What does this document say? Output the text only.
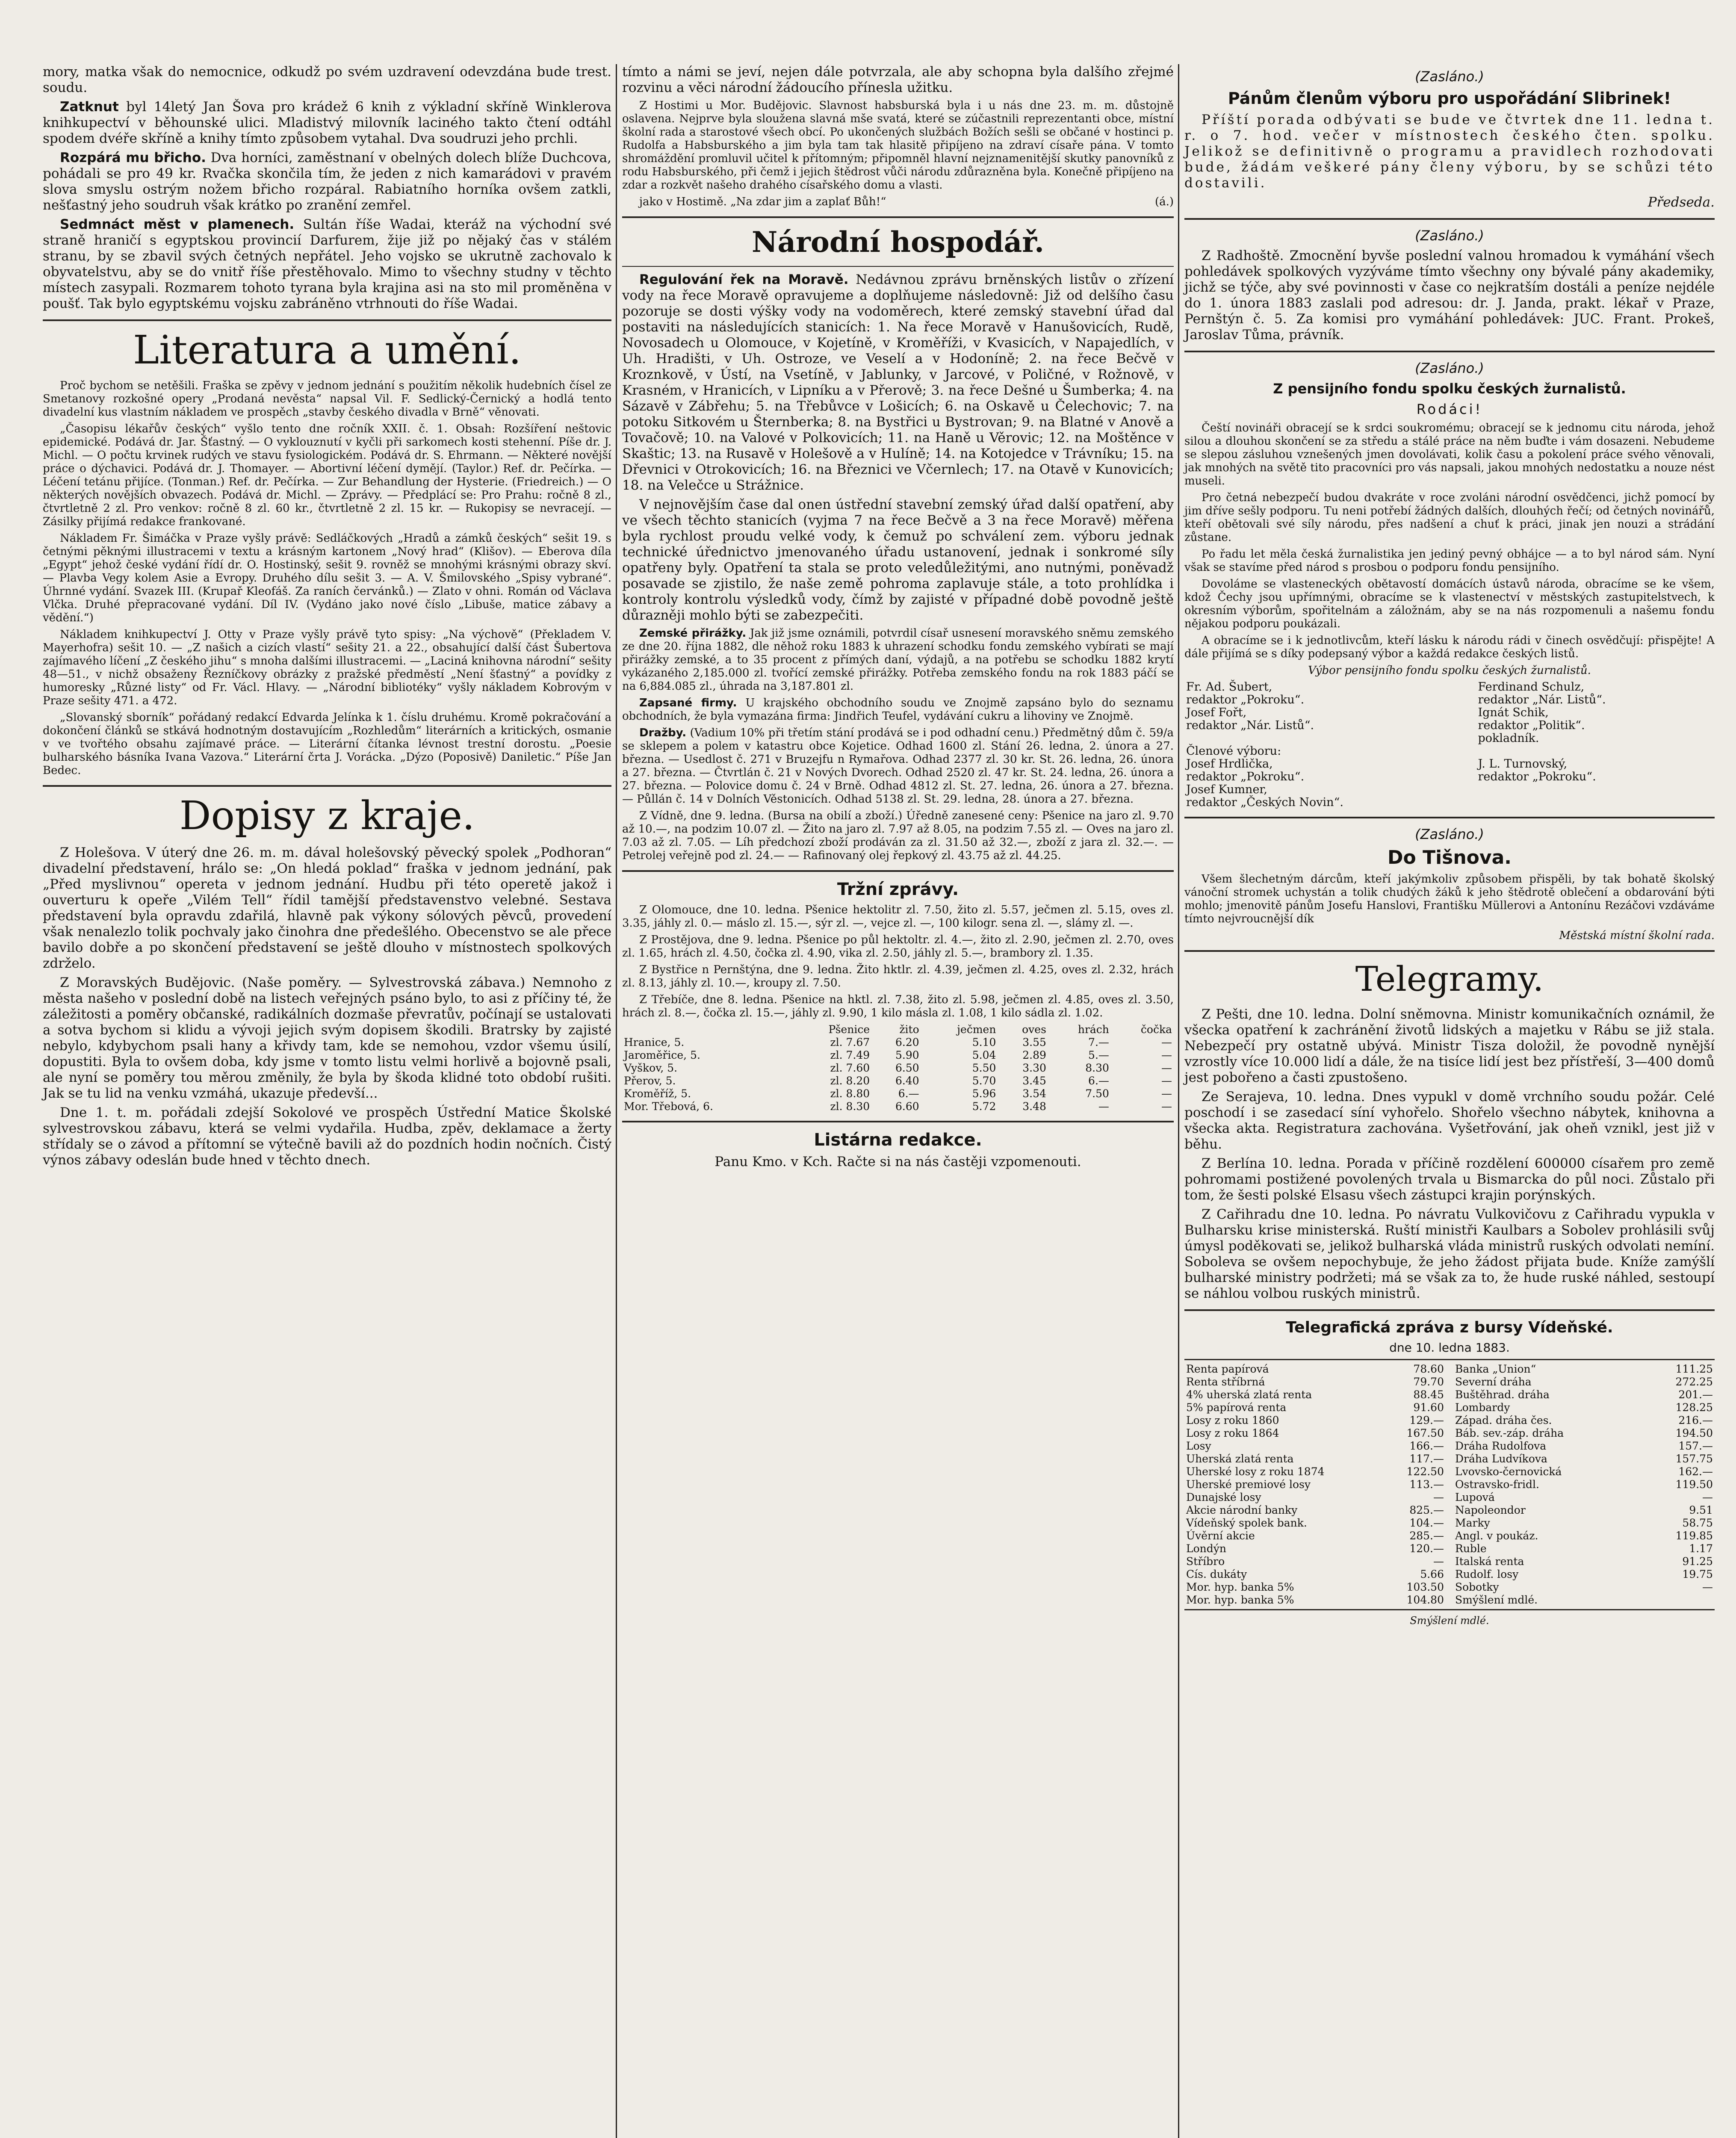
mory, matka však do nemocnice, odkudž po svém uzdravení odevzdána bude trest. soudu.

Zatknut byl 14letý Jan Šova pro krádež 6 knih z výkladní skříně Winklerova knihkupectví v běhounské ulici. Mladistvý milovník laciného takto čtení odtáhl spodem dvéře skříně a knihy tímto způsobem vytahal. Dva soudruzi jeho prchli.

Rozpárá mu břicho. Dva horníci, zaměstnaní v obelných dolech blíže Duchcova, pohádali se pro 49 kr. Rvačka skončila tím, že jeden z nich kamarádovi v pravém slova smyslu ostrým nožem břicho rozpáral. Rabiatního horníka ovšem zatkli, nešťastný jeho soudruh však krátko po zranění zemřel.

Sedmnáct měst v plamenech. Sultán říše Wadai, kteráž na východní své straně hraničí s egyptskou provincií Darfurem, žije již po nějaký čas v stálém stranu, by se zbavil svých četných nepřátel. Jeho vojsko se ukrutně zachovalo k obyvatelstvu, aby se do vnitř říše přestěhovalo. Mimo to všechny studny v těchto místech zasypali. Rozmarem tohoto tyrana byla krajina asi na sto mil proměněna v poušť. Tak bylo egyptskému vojsku zabráněno vtrhnouti do říše Wadai.

Literatura a umění.

Proč bychom se netěšili. Fraška se zpěvy v jednom jednání s použitím několik hudebních čísel ze Smetanovy rozkošné opery „Prodaná nevěsta“ napsal Vil. F. Sedlický-Černický a hodlá tento divadelní kus vlastním nákladem ve prospěch „stavby českého divadla v Brně“ věnovati.

„Časopisu lékařův českých“ vyšlo tento dne ročník XXII. č. 1. Obsah: Rozšíření neštovic epidemické. Podává dr. Jar. Šťastný. — O vyklouznutí v kyčli při sarkomech kosti stehenní. Píše dr. J. Michl. — O počtu krvinek rudých ve stavu fysiologickém. Podává dr. S. Ehrmann. — Některé novější práce o dýchavici. Podává dr. J. Thomayer. — Abortivní léčení dymějí. (Taylor.) Ref. dr. Pečírka. — Léčení tetánu přijíce. (Tonman.) Ref. dr. Pečírka. — Zur Behandlung der Hysterie. (Friedreich.) — O některých novějších obvazech. Podává dr. Michl. — Zprávy. — Předplácí se: Pro Prahu: ročně 8 zl., čtvrtletně 2 zl. Pro venkov: ročně 8 zl. 60 kr., čtvrtletně 2 zl. 15 kr. — Rukopisy se nevracejí. — Zásilky přijímá redakce frankované.

Nákladem Fr. Šimáčka v Praze vyšly právě: Sedláčkových „Hradů a zámků českých“ sešit 19. s četnými pěknými illustracemi v textu a krásným kartonem „Nový hrad“ (Klišov). — Eberova díla „Egypt“ jehož české vydání řídí dr. O. Hostinský, sešit 9. rovněž se mnohými krásnými obrazy skví. — Plavba Vegy kolem Asie a Evropy. Druhého dílu sešit 3. — A. V. Šmilovského „Spisy vybrané“. Úhrnné vydání. Svazek III. (Krupař Kleofáš. Za raních červánků.) — Zlato v ohni. Román od Václava Vlčka. Druhé přepracované vydání. Díl IV. (Vydáno jako nové číslo „Libuše, matice zábavy a vědění.“)

Nákladem knihkupectví J. Otty v Praze vyšly právě tyto spisy: „Na výchově“ (Překladem V. Mayerhofra) sešit 10. — „Z našich a cizích vlastí“ sešity 21. a 22., obsahující další část Šubertova zajímavého líčení „Z českého jihu“ s mnoha dalšími illustracemi. — „Laciná knihovna národní“ sešity 48—51., v nichž obsaženy Řezníčkovy obrázky z pražské předměstí „Není šťastný“ a povídky z humoresky „Různé listy“ od Fr. Václ. Hlavy. — „Národní bibliotéky“ vyšly nákladem Kobrovým v Praze sešity 471. a 472.

„Slovanský sborník“ pořádaný redakcí Edvarda Jelínka k 1. číslu druhému. Kromě pokračování a dokončení článků se stkává hodnotným dostavujícím „Rozhledům“ literárních a kritických, osmanie v ve tvořtého obsahu zajímavé práce. — Literární čítanka lévnost trestní dorostu. „Poesie bulharského básníka Ivana Vazova.“ Literární črta J. Vorácka. „Dýzo (Poposivě) Daniletic.“ Píše Jan Bedec.

Dopisy z kraje.

Z Holešova. V úterý dne 26. m. m. dával holešovský pěvecký spolek „Podhoran“ divadelní představení, hrálo se: „On hledá poklad“ fraška v jednom jednání, pak „Před myslivnou“ opereta v jednom jednání. Hudbu při této operetě jakož i ouverturu k opeře „Vilém Tell“ řídil tamější představenstvo velebné. Sestava představení byla opravdu zdařilá, hlavně pak výkony sólových pěvců, provedení však nenalezlo tolik pochvaly jako činohra dne předešlého. Obecenstvo se ale přece bavilo dobře a po skončení představení se ještě dlouho v místnostech spolkových zdrželo.

Z Moravských Budějovic. (Naše poměry. — Sylvestrovská zábava.) Nemnoho z města našeho v poslední době na listech veřejných psáno bylo, to asi z příčiny té, že záležitosti a poměry občanské, radikálních dozmaše převratův, počínají se ustalovati a sotva bychom si klidu a vývoji jejich svým dopisem škodili. Bratrsky by zajisté nebylo, kdybychom psali hany a křivdy tam, kde se nemohou, vzdor všemu úsilí, dopustiti. Byla to ovšem doba, kdy jsme v tomto listu velmi horlivě a bojovně psali, ale nyní se poměry tou měrou změnily, že byla by škoda klidné toto období rušiti. Jak se tu lid na venku vzmáhá, ukazuje předevší...

Dne 1. t. m. pořádali zdejší Sokolové ve prospěch Ústřední Matice Školské sylvestrovskou zábavu, která se velmi vydařila. Hudba, zpěv, deklamace a žerty střídaly se o závod a přítomní se výtečně bavili až do pozdních hodin nočních. Čistý výnos zábavy odeslán bude hned v těchto dnech.

tímto a námi se jeví, nejen dále potvrzala, ale aby schopna byla dalšího zřejmé rozvinu a věci národní žádoucího přínesla užitku.

Z Hostimi u Mor. Budějovic. Slavnost habsburská byla i u nás dne 23. m. m. důstojně oslavena. Nejprve byla sloužena slavná mše svatá, které se zúčastnili reprezentanti obce, místní školní rada a starostové všech obcí. Po ukončených službách Božích sešli se občané v hostinci p. Rudolfa a Habsburského a jim byla tam tak hlasitě připíjeno na zdraví císaře pána. V tomto shromáždění promluvil učitel k přítomným; připomněl hlavní nejznamenitější skutky panovníků z rodu Habsburského, při čemž i jejich štědrost vůči národu zdůrazněna byla. Konečně připíjeno na zdar a rozkvět našeho drahého císařského domu a vlasti.

jako v Hostimě. „Na zdar jim a zaplať Bůh!“	(á.)

Národní hospodář.

Regulování řek na Moravě. Nedávnou zprávu brněnských listův o zřízení vody na řece Moravě opravujeme a doplňujeme následovně: Již od delšího času pozoruje se dosti výšky vody na vodoměrech, které zemský stavební úřad dal postaviti na následujících stanicích: 1. Na řece Moravě v Hanušovicích, Rudě, Novosadech u Olomouce, v Kojetíně, v Kroměříži, v Kvasicích, v Napajedlích, v Uh. Hradišti, v Uh. Ostroze, ve Veselí a v Hodoníně; 2. na řece Bečvě v Kroznkově, v Ústí, na Vsetíně, v Jablunky, v Jarcové, v Poličné, v Rožnově, v Krasném, v Hranicích, v Lipníku a v Přerově; 3. na řece Dešné u Šumberka; 4. na Sázavě v Zábřehu; 5. na Třebůvce v Lošicích; 6. na Oskavě u Čelechovic; 7. na potoku Sitkovém u Šternberka; 8. na Bystřici u Bystrovan; 9. na Blatné v Anově a Tovačově; 10. na Valové v Polkovicích; 11. na Haně u Věrovic; 12. na Moštěnce v Skaštic; 13. na Rusavě v Holešově a v Hulíně; 14. na Kotojedce v Trávníku; 15. na Dřevnici v Otrokovicích; 16. na Březnici ve Včernlech; 17. na Otavě v Kunovicích; 18. na Velečce u Strážnice.

V nejnovějším čase dal onen ústřední stavební zemský úřad další opatření, aby ve všech těchto stanicích (vyjma 7 na řece Bečvě a 3 na řece Moravě) měřena byla rychlost proudu velké vody, k čemuž po schválení zem. výboru jednak technické úřednictvo jmenovaného úřadu ustanovení, jednak i sonkromé síly opatřeny byly. Opatření ta stala se proto veledůležitými, ano nutnými, poněvadž posavade se zjistilo, že naše země pohroma zaplavuje stále, a toto prohlídka i kontroly kontrolu výsledků vody, čímž by zajisté v případné době povodně ještě důrazněji mohlo býti se zabezpečiti.

Zemské přirážky. Jak již jsme oznámili, potvrdil císař usnesení moravského sněmu zemského ze dne 20. října 1882, dle něhož roku 1883 k uhrazení schodku fondu zemského vybírati se mají přirážky zemské, a to 35 procent z přímých daní, výdajů, a na potřebu se schodku 1882 krytí vykázaného 2,185.000 zl. tvořící zemské přirážky. Potřeba zemského fondu na rok 1883 páčí se na 6,884.085 zl., úhrada na 3,187.801 zl.

Zapsané firmy. U krajského obchodního soudu ve Znojmě zapsáno bylo do seznamu obchodních, že byla vymazána firma: Jindřich Teufel, vydávání cukru a lihoviny ve Znojmě.

Dražby. (Vadium 10% při třetím stání prodává se i pod odhadní cenu.) Předmětný dům č. 59/a se sklepem a polem v katastru obce Kojetice. Odhad 1600 zl. Stání 26. ledna, 2. února a 27. března. — Usedlost č. 271 v Bruzejfu n Rymařova. Odhad 2377 zl. 30 kr. St. 26. ledna, 26. února a 27. března. — Čtvrtlán č. 21 v Nových Dvorech. Odhad 2520 zl. 47 kr. St. 24. ledna, 26. února a 27. března. — Polovice domu č. 24 v Brně. Odhad 4812 zl. St. 27. ledna, 26. února a 27. března. — Půllán č. 14 v Dolních Věstonicích. Odhad 5138 zl. St. 29. ledna, 28. února a 27. března.

Z Vídně, dne 9. ledna. (Bursa na obilí a zboží.) Úředně zanesené ceny: Pšenice na jaro zl. 9.70 až 10.—, na podzim 10.07 zl. — Žito na jaro zl. 7.97 až 8.05, na podzim 7.55 zl. — Oves na jaro zl. 7.03 až zl. 7.05. — Líh předchozí zboží prodáván za zl. 31.50 až 32.—, zboží z jara zl. 32.—. — Petrolej veřejně pod zl. 24.— — Rafinovaný olej řepkový zl. 43.75 až zl. 44.25.

Tržní zprávy.

Z Olomouce, dne 10. ledna. Pšenice hektolitr zl. 7.50, žito zl. 5.57, ječmen zl. 5.15, oves zl. 3.35, jáhly zl. 0.— máslo zl. 15.—, sýr zl. —, vejce zl. —, 100 kilogr. sena zl. —, slámy zl. —.

Z Prostějova, dne 9. ledna. Pšenice po půl hektoltr. zl. 4.—, žito zl. 2.90, ječmen zl. 2.70, oves zl. 1.65, hrách zl. 4.50, čočka zl. 4.90, vika zl. 2.50, jáhly zl. 5.—, brambory zl. 1.35.

Z Bystřice n Pernštýna, dne 9. ledna. Žito hktlr. zl. 4.39, ječmen zl. 4.25, oves zl. 2.32, hrách zl. 8.13, jáhly zl. 10.—, kroupy zl. 7.50.

Z Třebíče, dne 8. ledna. Pšenice na hktl. zl. 7.38, žito zl. 5.98, ječmen zl. 4.85, oves zl. 3.50, hrách zl. 8.—, čočka zl. 15.—, jáhly zl. 9.90, 1 kilo másla zl. 1.08, 1 kilo sádla zl. 1.02.

	Pšenice	žito	ječmen	oves	hrách	čočka
Hranice, 5.	zl. 7.67	6.20	5.10	3.55	7.—	—
Jaroměřice, 5.	zl. 7.49	5.90	5.04	2.89	5.—	—
Vyškov, 5.	zl. 7.60	6.50	5.50	3.30	8.30	—
Přerov, 5.	zl. 8.20	6.40	5.70	3.45	6.—	—
Kroměříž, 5.	zl. 8.80	6.—	5.96	3.54	7.50	—
Mor. Třebová, 6.	zl. 8.30	6.60	5.72	3.48	—	—
Listárna redakce.

Panu Kmo. v Kch. Račte si na nás častěji vzpomenouti.

(Zasláno.)
Pánům členům výboru pro uspořádání Slibrinek!

Příští porada odbývati se bude ve čtvrtek dne 11. ledna t. r. o 7. hod. večer v místnostech českého čten. spolku. Jelikož se definitivně o programu a pravidlech rozhodovati bude, žádám veškeré pány členy výboru, by se schůzi této dostavili.

Předseda.

(Zasláno.)

Z Radhoště. Zmocnění byvše poslední valnou hromadou k vymáhání všech pohledávek spolkových vyzýváme tímto všechny ony bývalé pány akademiky, jichž se týče, aby své povinnosti v čase co nejkratším dostáli a peníze nejdéle do 1. února 1883 zaslali pod adresou: dr. J. Janda, prakt. lékař v Praze, Pernštýn č. 5. Za komisi pro vymáhání pohledávek: JUC. Frant. Prokeš, Jaroslav Tůma, právník.

(Zasláno.)
Z pensijního fondu spolku českých žurnalistů.
Rodáci!

Čeští novináři obracejí se k srdci soukromému; obracejí se k jednomu citu národa, jehož silou a dlouhou skončení se za středu a stálé práce na něm buďte i vám dosazeni. Nebudeme se slepou zásluhou vznešených jmen dovolávati, kolik času a pokolení práce svého věnovali, jak mnohých na světě tito pracovníci pro vás napsali, jakou mnohých nedostatku a nouze nést museli.

Pro četná nebezpečí budou dvakráte v roce zvoláni národní osvědčenci, jichž pomocí by jim dříve sešly podporu. Tu neni potřebí žádných dalších, dlouhých řečí; od četných novinářů, kteří obětovali své síly národu, přes nadšení a chuť k práci, jinak jen nouzi a strádání zůstane.

Po řadu let měla česká žurnalistika jen jediný pevný obhájce — a to byl národ sám. Nyní však se stavíme před národ s prosbou o podporu fondu pensijního.

Dovoláme se vlasteneckých obětavostí domácích ústavů národa, obracíme se ke všem, kdož Čechy jsou upřímnými, obracíme se k vlastenectví v městských zastupitelstvech, k okresním výborům, spořitelnám a záložnám, aby se na nás rozpomenuli a našemu fondu nějakou podporu poukázali.

A obracíme se i k jednotlivcům, kteří lásku k národu rádi v činech osvědčují: přispějte! A dále přijímá se s díky podepsaný výbor a každá redakce českých listů.

Výbor pensijního fondu spolku českých žurnalistů.

Fr. Ad. Šubert,	Ferdinand Schulz,
redaktor „Pokroku“.	redaktor „Nár. Listů“.
Josef Fořt,	Ignát Schik,
redaktor „Nár. Listů“.	redaktor „Politik“.
	pokladník.
Členové výboru:	
Josef Hrdlička,	J. L. Turnovský,
redaktor „Pokroku“.	redaktor „Pokroku“.
Josef Kumner,	
redaktor „Českých Novin“.	
(Zasláno.)
Do Tišnova.

Všem šlechetným dárcům, kteří jakýmkoliv způsobem přispěli, by tak bohatě školský vánoční stromek uchystán a tolik chudých žáků k jeho štědrotě oblečení a obdarování býti mohlo; jmenovitě pánům Josefu Hanslovi, Františku Müllerovi a Antonínu Rezáčovi vzdáváme tímto nejvroucnější dík

Městská místní školní rada.

Telegramy.

Z Pešti, dne 10. ledna. Dolní sněmovna. Ministr komunikačních oznámil, že všecka opatření k zachránění životů lidských a majetku v Rábu se již stala. Nebezpečí pry ostatně ubývá. Ministr Tisza doložil, že povodně nynější vzrostly více 10.000 lidí a dále, že na tisíce lidí jest bez přístřeší, 3—400 domů jest pobořeno a časti zpustošeno.

Ze Serajeva, 10. ledna. Dnes vypukl v domě vrchního soudu požár. Celé poschodí i se zasedací síní vyhořelo. Shořelo všechno nábytek, knihovna a všecka akta. Registratura zachována. Vyšetřování, jak oheň vznikl, jest již v běhu.

Z Berlína 10. ledna. Porada v příčině rozdělení 600000 císařem pro země pohromami postižené povolených trvala u Bismarcka do půl noci. Zůstalo při tom, že šesti polské Elsasu všech zástupci krajin porýnských.

Z Cařihradu dne 10. ledna. Po návratu Vulkovičovu z Cařihradu vypukla v Bulharsku krise ministerská. Ruští ministři Kaulbars a Sobolev prohlásili svůj úmysl poděkovati se, jelikož bulharská vláda ministrů ruských odvolati nemíní. Soboleva se ovšem nepochybuje, že jeho žádost přijata bude. Kníže zamýšlí bulharské ministry podržeti; má se však za to, že hude ruské náhled, sestoupí se náhlou volbou ruských ministrů.

Telegrafická zpráva z bursy Vídeňské.
dne 10. ledna 1883.
Renta papírová	78.60
Renta stříbrná	79.70
4% uherská zlatá renta	88.45
5% papírová renta	91.60
Losy z roku 1860	129.—
Losy z roku 1864	167.50
Losy	166.—
Uherská zlatá renta	117.—
Uherské losy z roku 1874	122.50
Uherské premiové losy	113.—
Dunajské losy	—
Akcie národní banky	825.—
Vídeňský spolek bank.	104.—
Úvěrní akcie	285.—
Londýn	120.—
Stříbro	—
Cís. dukáty	5.66
Mor. hyp. banka 5%	103.50
Mor. hyp. banka 5%	104.80
Banka „Union“	111.25
Severní dráha	272.25
Buštěhrad. dráha	201.—
Lombardy	128.25
Západ. dráha čes.	216.—
Báb. sev.-záp. dráha	194.50
Dráha Rudolfova	157.—
Dráha Ludvíkova	157.75
Lvovsko-černovická	162.—
Ostravsko-fridl.	119.50
Lupová	—
Napoleondor	9.51
Marky	58.75
Angl. v poukáz.	119.85
Ruble	1.17
Italská renta	91.25
Rudolf. losy	19.75
Sobotky	—
Smýšlení mdlé.	
Smýšlení mdlé.
